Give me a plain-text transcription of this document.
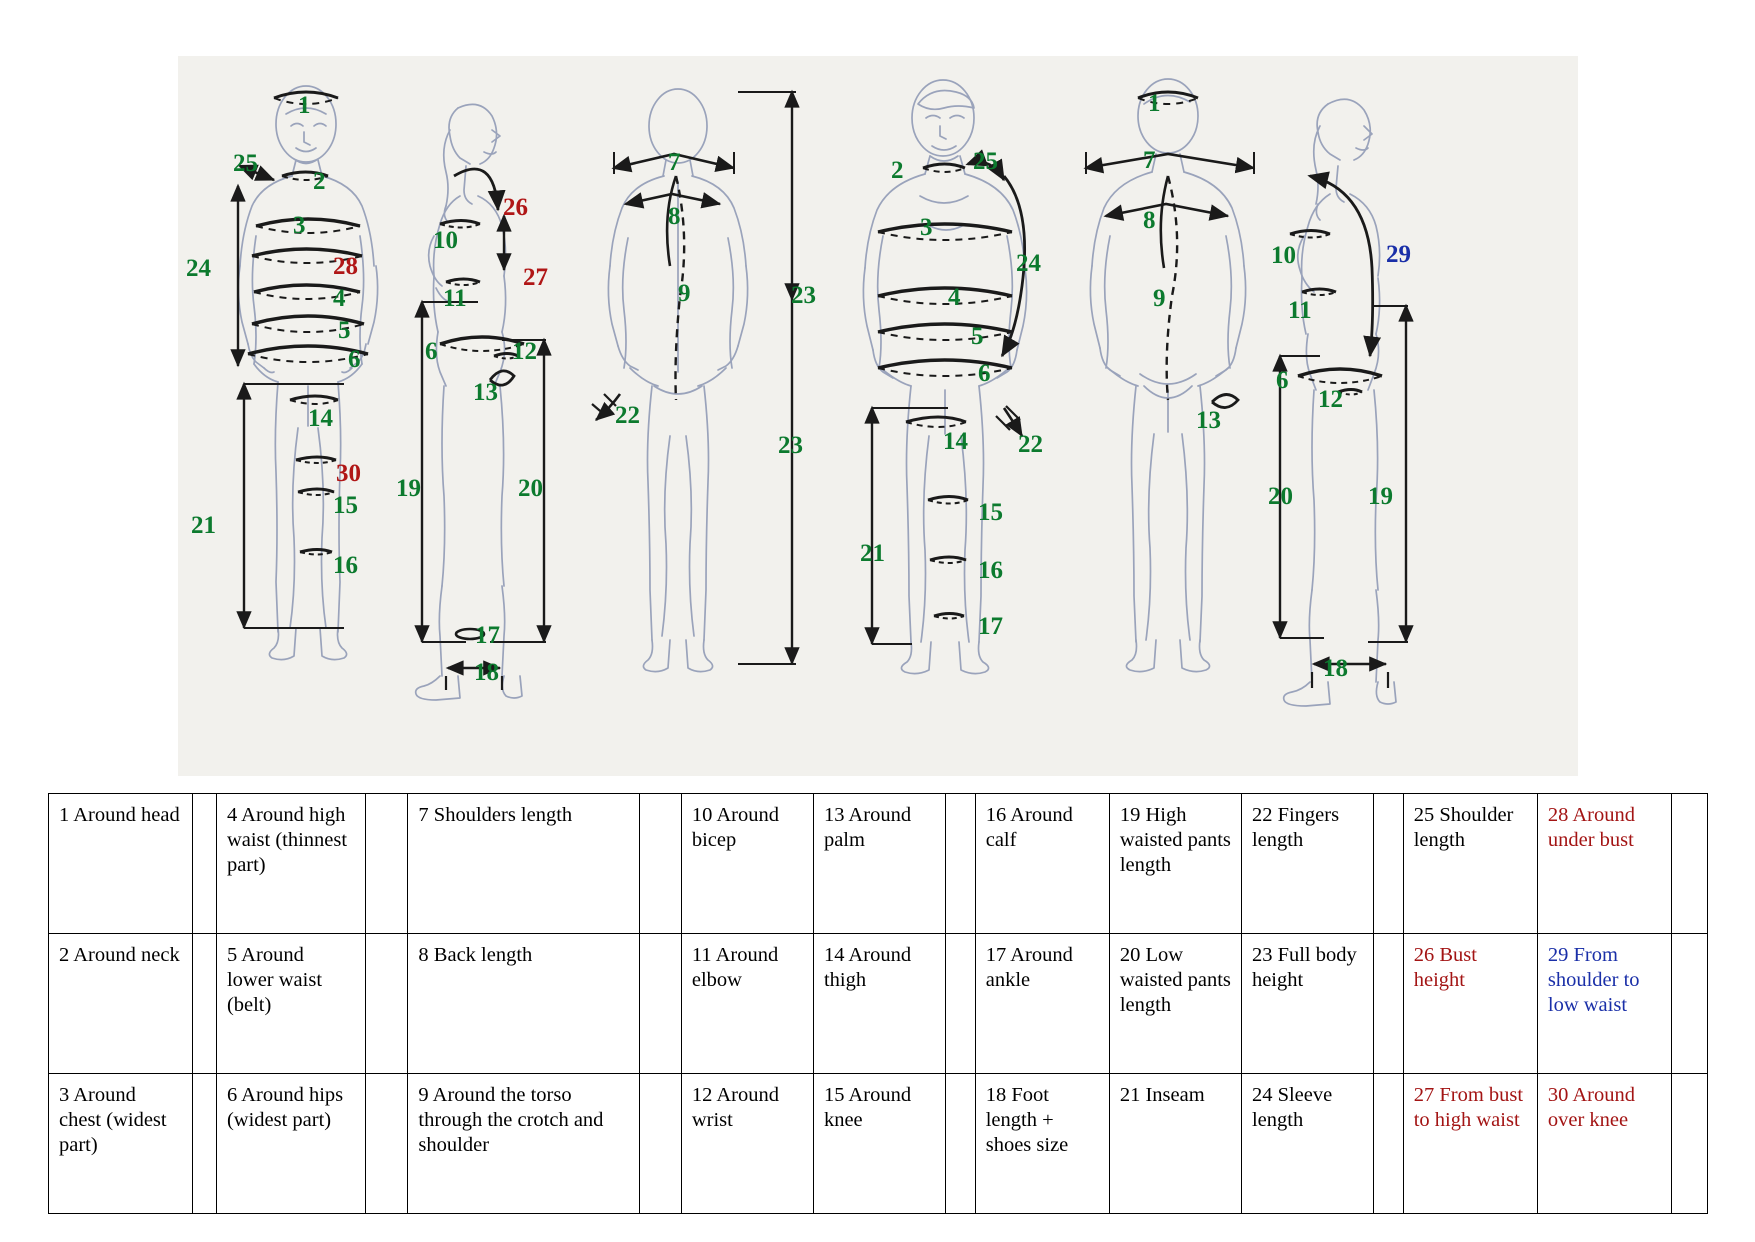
1
25
2
3
28
24
4
5
6
14
30
15
16
21
26
10
27
11
6	12
13
19	20
17
18
7
8
9
22
23
23
2	25
3
24
4
5
6
14 22
21
15
16
17
1
7
8
9
13
10	29
11
6
12
20	19
18
1 Around head		4 Around high waist (thinnest part)		7 Shoulders length		10 Around bicep	13 Around palm		16 Around calf	19 High waisted pants length	22 Fingers length		25 Shoulder length	28 Around under bust	
2 Around neck		5 Around lower waist (belt)		8 Back length		11 Around elbow	14 Around thigh		17 Around ankle	20 Low waisted pants length	23 Full body height		26 Bust height	29 From shoulder to low waist	
3 Around chest (widest part)		6 Around hips (widest part)		9 Around the torso through the crotch and shoulder		12 Around wrist	15 Around knee		18 Foot length + shoes size	21 Inseam	24 Sleeve length		27 From bust to high waist	30 Around over knee	
